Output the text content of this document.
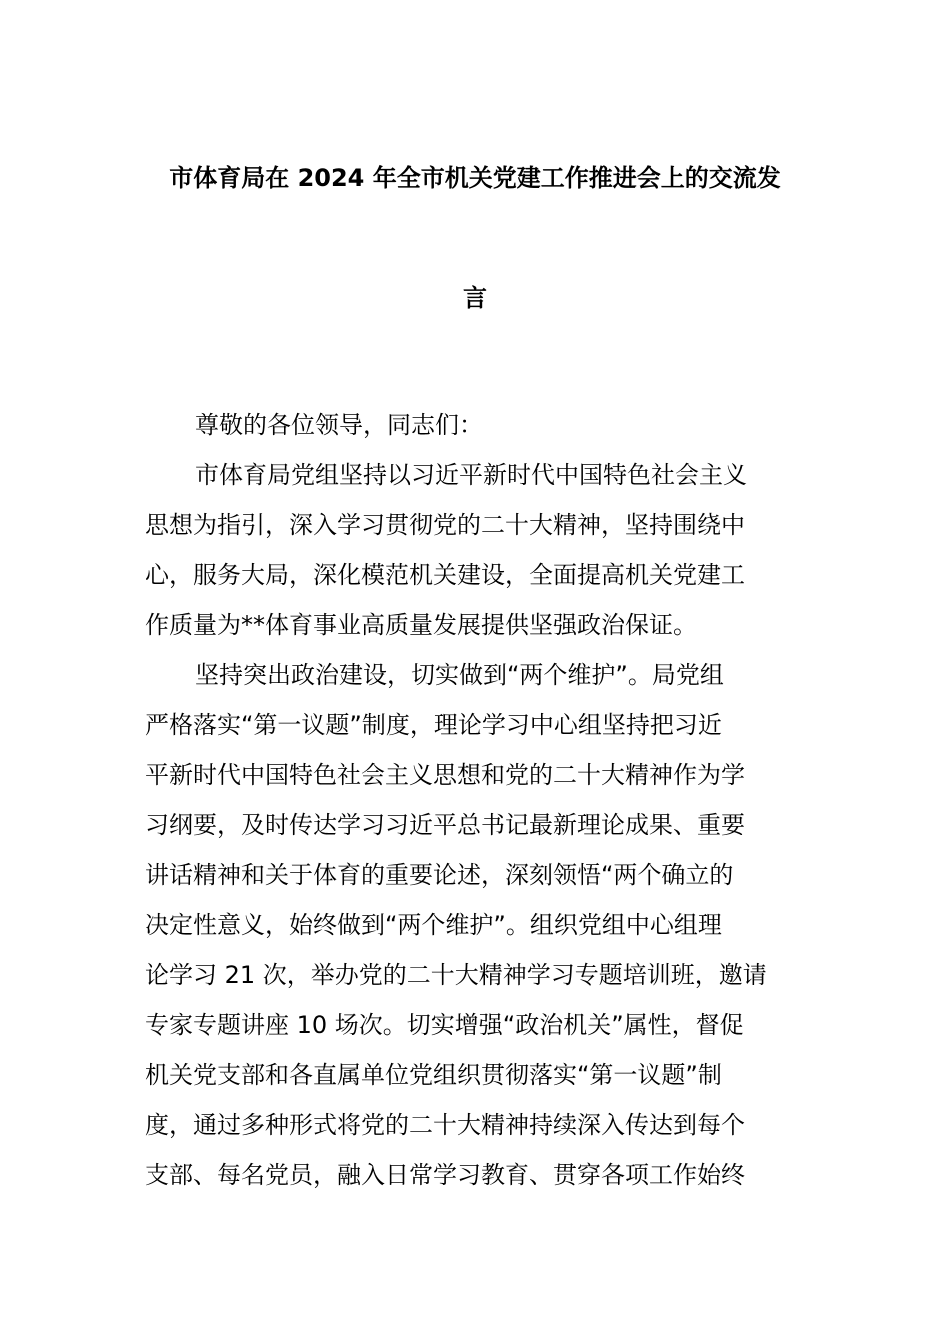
市体育局在 2024 年全市机关党建工作推进会上的交流发
言
尊敬的各位领导，同志们：
市体育局党组坚持以习近平新时代中国特色社会主义
思想为指引，深入学习贯彻党的二十大精神，坚持围绕中
心，服务大局，深化模范机关建设，全面提高机关党建工
作质量为**体育事业高质量发展提供坚强政治保证。
坚持突出政治建设，切实做到“两个维护”。局党组
严格落实“第一议题”制度，理论学习中心组坚持把习近
平新时代中国特色社会主义思想和党的二十大精神作为学
习纲要，及时传达学习习近平总书记最新理论成果、重要
讲话精神和关于体育的重要论述，深刻领悟“两个确立的
决定性意义，始终做到“两个维护”。组织党组中心组理
论学习 21 次，举办党的二十大精神学习专题培训班，邀请
专家专题讲座 10 场次。切实增强“政治机关”属性，督促
机关党支部和各直属单位党组织贯彻落实“第一议题”制
度，通过多种形式将党的二十大精神持续深入传达到每个
支部、每名党员，融入日常学习教育、贯穿各项工作始终
